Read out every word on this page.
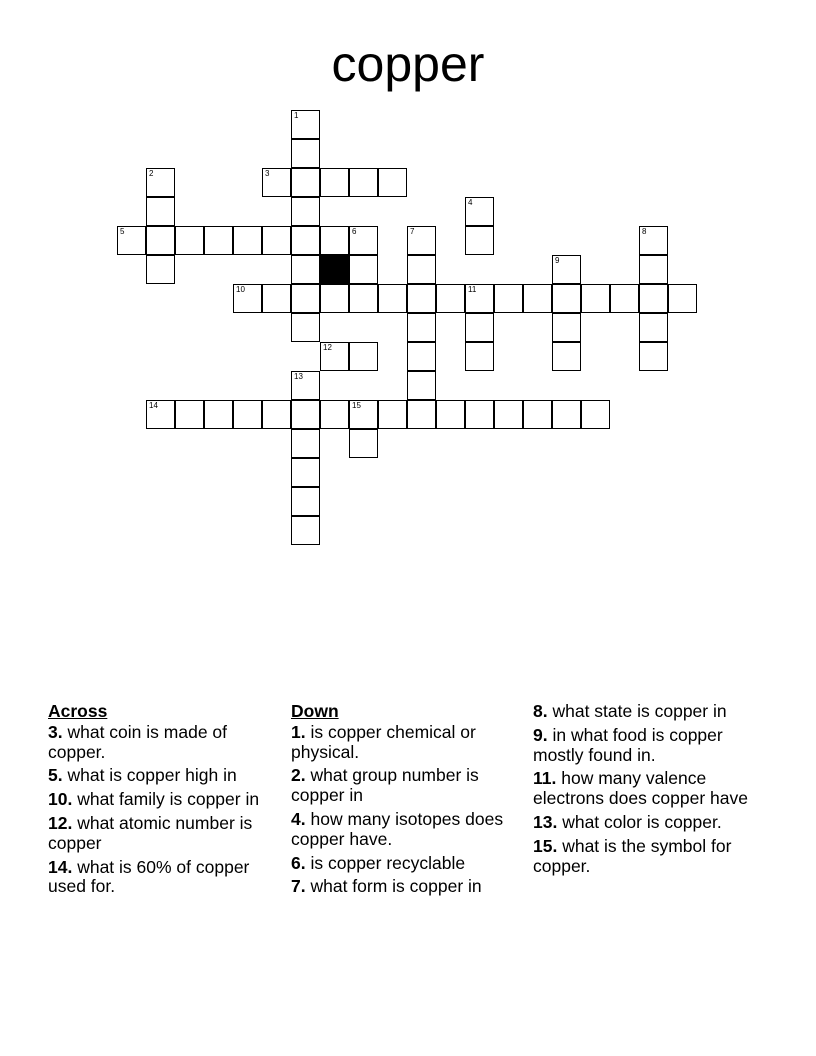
copper
1
2	3
4
5	6	7	8
9
10	11
12
13
14	15
Across
3. what coin is made of copper.
5. what is copper high in
10. what family is copper in
12. what atomic number is copper
14. what is 60% of copper used for.
Down
1. is copper chemical or physical.
2. what group number is copper in
4. how many isotopes does copper have.
6. is copper recyclable
7. what form is copper in
8. what state is copper in
9. in what food is copper mostly found in.
11. how many valence electrons does copper have
13. what color is copper.
15. what is the symbol for copper.
